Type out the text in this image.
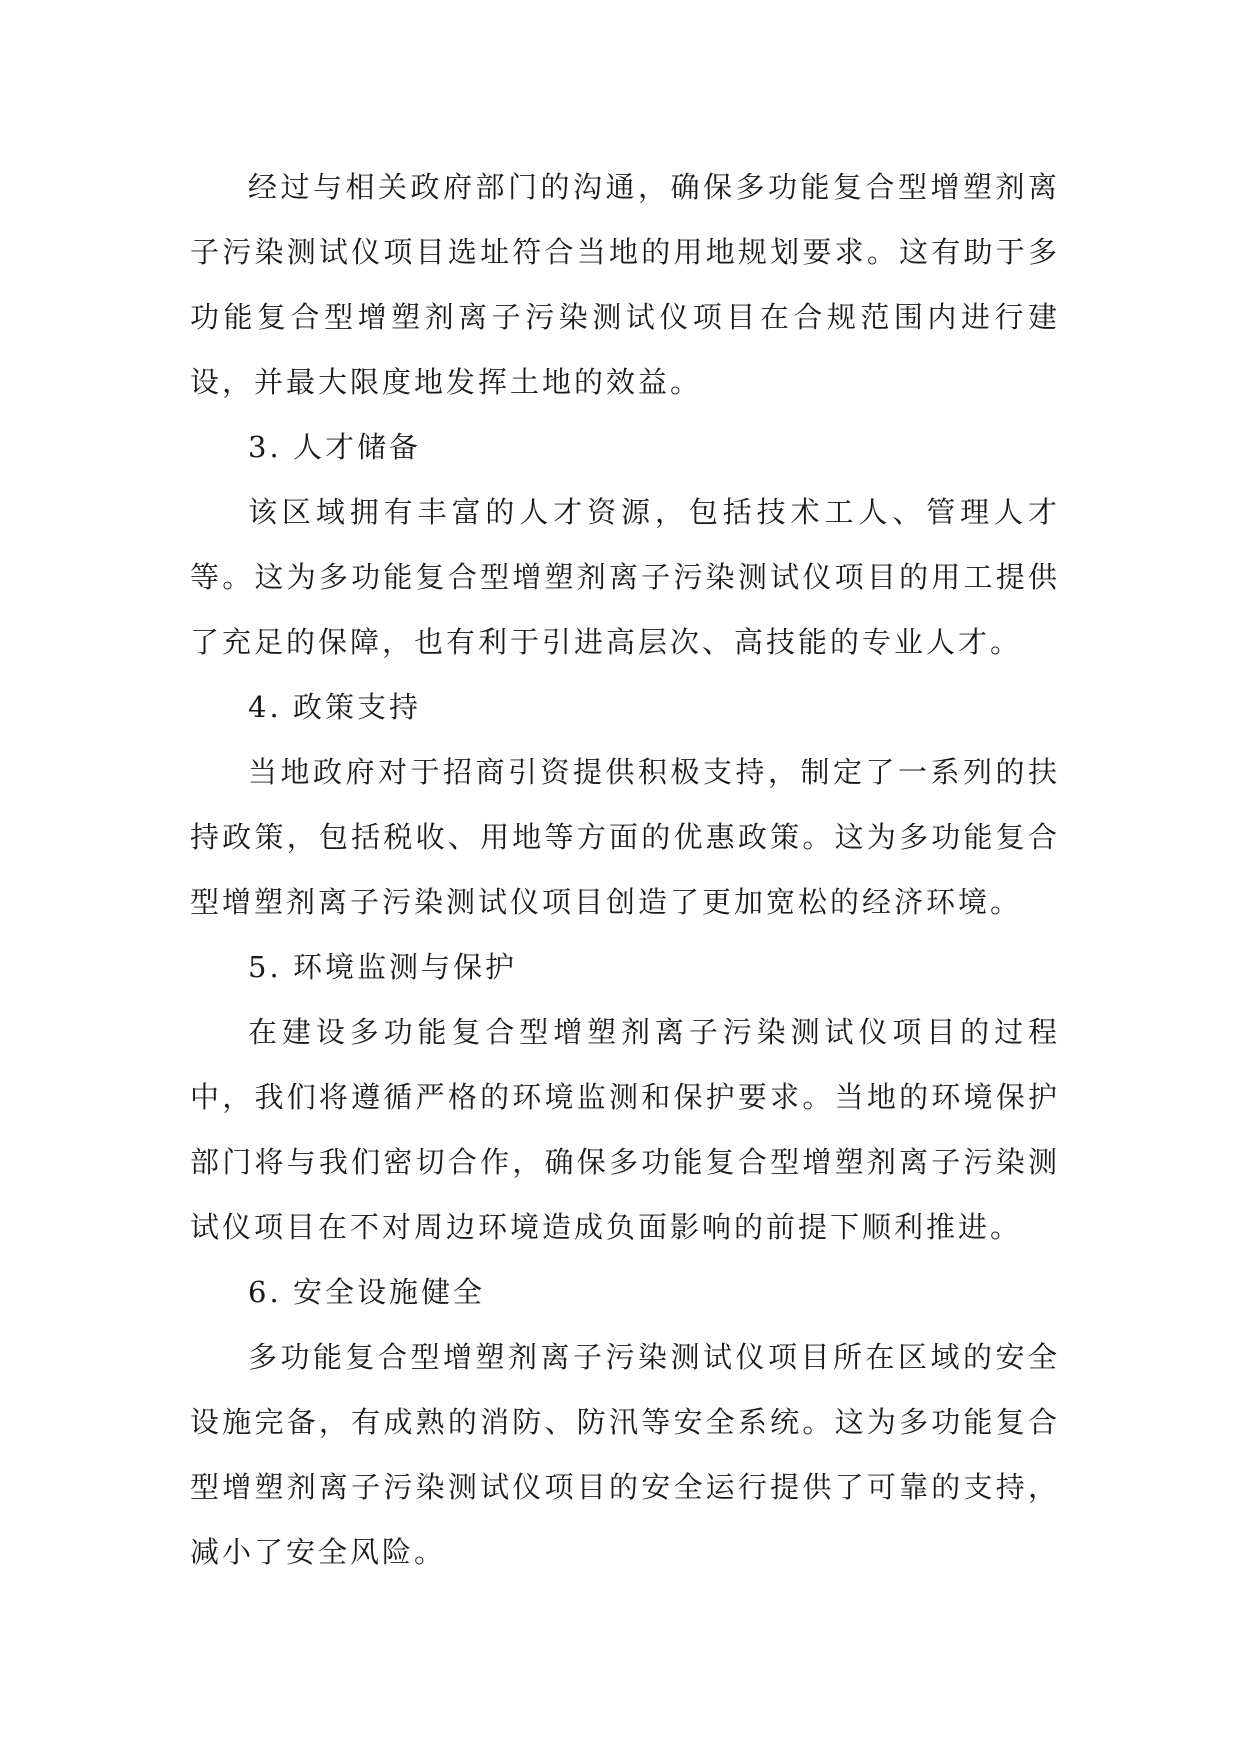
经过与相关政府部门的沟通，确保多功能复合型增塑剂离子污染测试仪项目选址符合当地的用地规划要求。这有助于多功能复合型增塑剂离子污染测试仪项目在合规范围内进行建设，并最大限度地发挥土地的效益。

3. 人才储备

该区域拥有丰富的人才资源，包括技术工人、管理人才等。这为多功能复合型增塑剂离子污染测试仪项目的用工提供了充足的保障，也有利于引进高层次、高技能的专业人才。

4. 政策支持

当地政府对于招商引资提供积极支持，制定了一系列的扶持政策，包括税收、用地等方面的优惠政策。这为多功能复合型增塑剂离子污染测试仪项目创造了更加宽松的经济环境。

5. 环境监测与保护

在建设多功能复合型增塑剂离子污染测试仪项目的过程中，我们将遵循严格的环境监测和保护要求。当地的环境保护部门将与我们密切合作，确保多功能复合型增塑剂离子污染测试仪项目在不对周边环境造成负面影响的前提下顺利推进。

6. 安全设施健全

多功能复合型增塑剂离子污染测试仪项目所在区域的安全设施完备，有成熟的消防、防汛等安全系统。这为多功能复合型增塑剂离子污染测试仪项目的安全运行提供了可靠的支持，减小了安全风险。
